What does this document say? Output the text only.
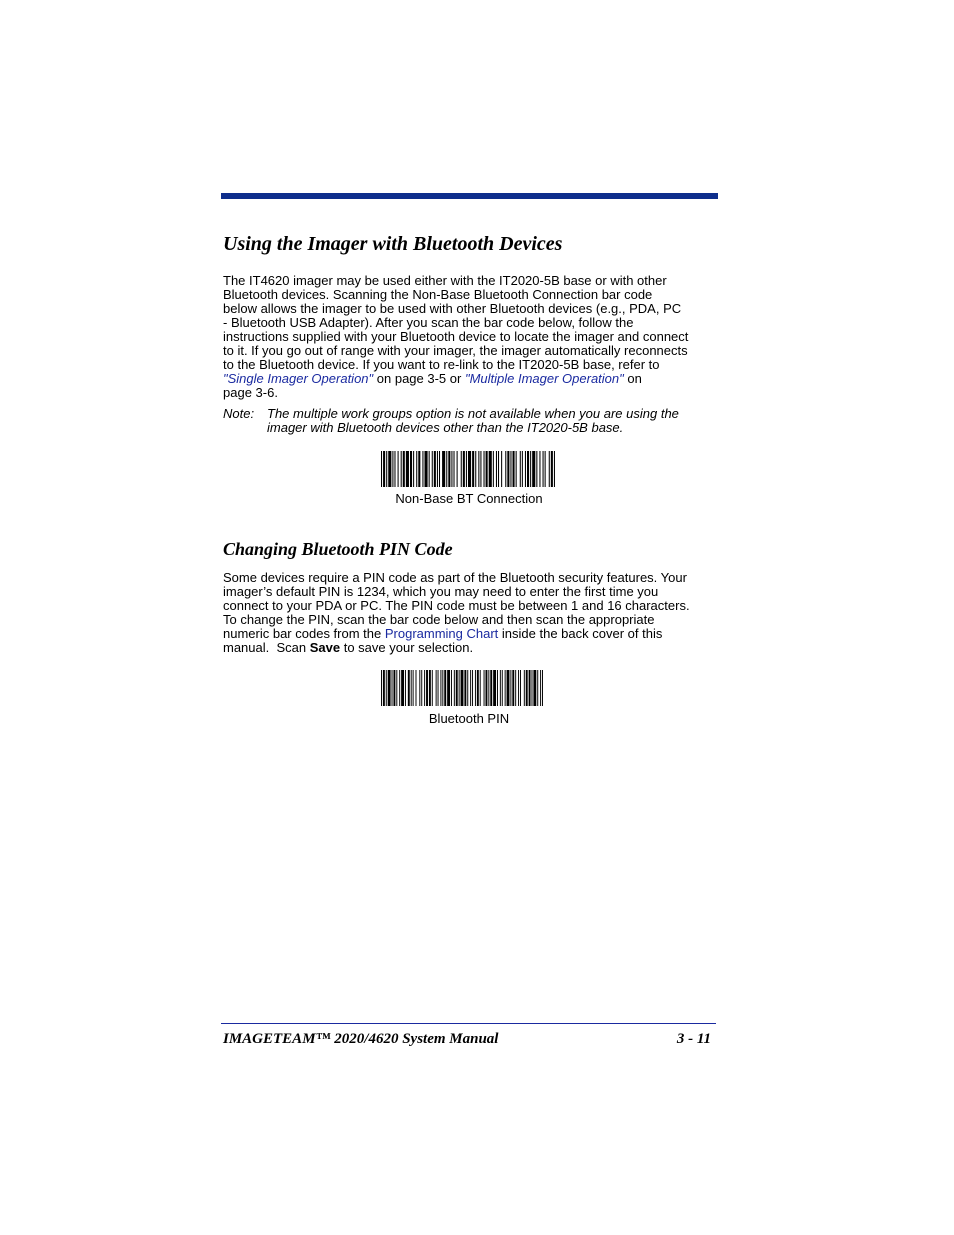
Using the Imager with Bluetooth Devices
The IT4620 imager may be used either with the IT2020-5B base or with other
Bluetooth devices. Scanning the Non-Base Bluetooth Connection bar code
below allows the imager to be used with other Bluetooth devices (e.g., PDA, PC
- Bluetooth USB Adapter). After you scan the bar code below, follow the
instructions supplied with your Bluetooth device to locate the imager and connect
to it. If you go out of range with your imager, the imager automatically reconnects
to the Bluetooth device. If you want to re-link to the IT2020-5B base, refer to
"Single Imager Operation" on page 3-5 or "Multiple Imager Operation" on
page 3-6.
Note: The multiple work groups option is not available when you are using the
imager with Bluetooth devices other than the IT2020-5B base.
Non-Base BT Connection
Changing Bluetooth PIN Code
Some devices require a PIN code as part of the Bluetooth security features. Your
imager’s default PIN is 1234, which you may need to enter the first time you
connect to your PDA or PC. The PIN code must be between 1 and 16 characters.
To change the PIN, scan the bar code below and then scan the appropriate
numeric bar codes from the Programming Chart inside the back cover of this
manual.  Scan Save to save your selection.
Bluetooth PIN
IMAGETEAM™ 2020/4620 System Manual	3 - 11
